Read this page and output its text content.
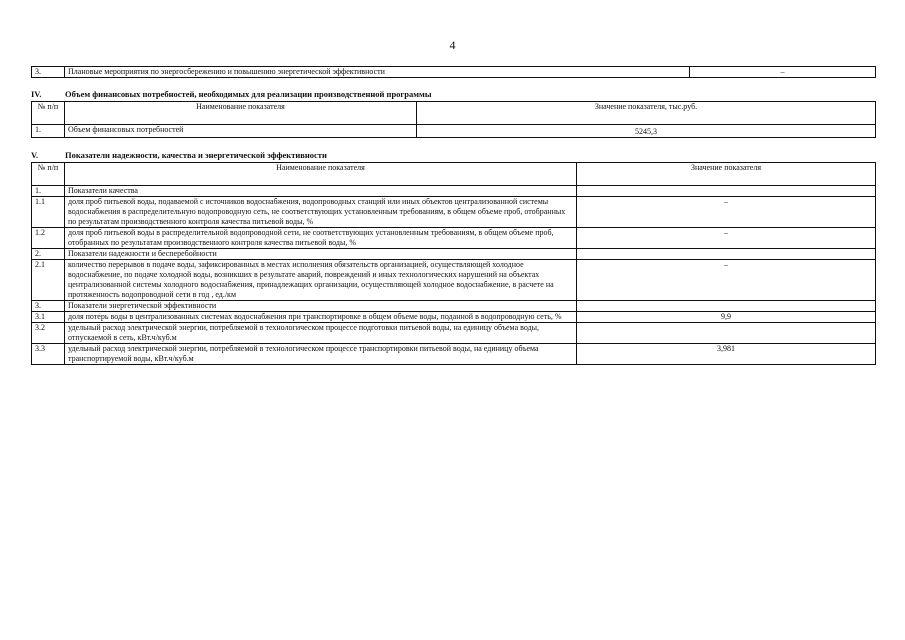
4
3.	Плановые мероприятия по энергосбережению и повышению энергетической эффективности	–
IV.	Объем финансовых потребностей, необходимых для реализации производственной программы
№ п/п	Наименование показателя	Значение показателя, тыс.руб.
1.	Объем финансовых потребностей	5245,3
V.	Показатели надежности, качества и энергетической эффективности
№ п/п	Наименование показателя	Значение показателя
1.	Показатели качества	
1.1	доля проб питьевой воды, подаваемой с источников водоснабжения, водопроводных станций или иных объектов централизованной системы водоснабжения в распределительную водопроводную сеть, не соответствующих установленным требованиям, в общем объеме проб, отобранных по результатам производственного контроля качества питьевой воды, %	–
1.2	доля проб питьевой воды в распределительной водопроводной сети, не соответствующих установленным требованиям, в общем объеме проб, отобранных по результатам производственного контроля качества питьевой воды, %	–
2.	Показатели надежности и бесперебойности	
2.1	количество перерывов в подаче воды, зафиксированных в местах исполнения обязательств организацией, осуществляющей холодное водоснабжение, по подаче холодной воды, возникших в результате аварий, повреждений и иных технологических нарушений на объектах централизованной системы холодного водоснабжения, принадлежащих организации, осуществляющей холодное водоснабжение, в расчете на протяженность водопроводной сети в год , ед./км	–
3.	Показатели энергетической эффективности	
3.1	доля потерь воды в централизованных системах водоснабжения при транспортировке в общем объеме воды, поданной в водопроводную сеть, %	9,9
3.2	удельный расход электрической энергии, потребляемой в технологическом процессе подготовки питьевой воды, на единицу объема воды, отпускаемой в сеть, кВт.ч/куб.м	
3.3	удельный расход электрической энергии, потребляемой в технологическом процессе транспортировки питьевой воды, на единицу объема транспортируемой воды, кВт.ч/куб.м	3,981
